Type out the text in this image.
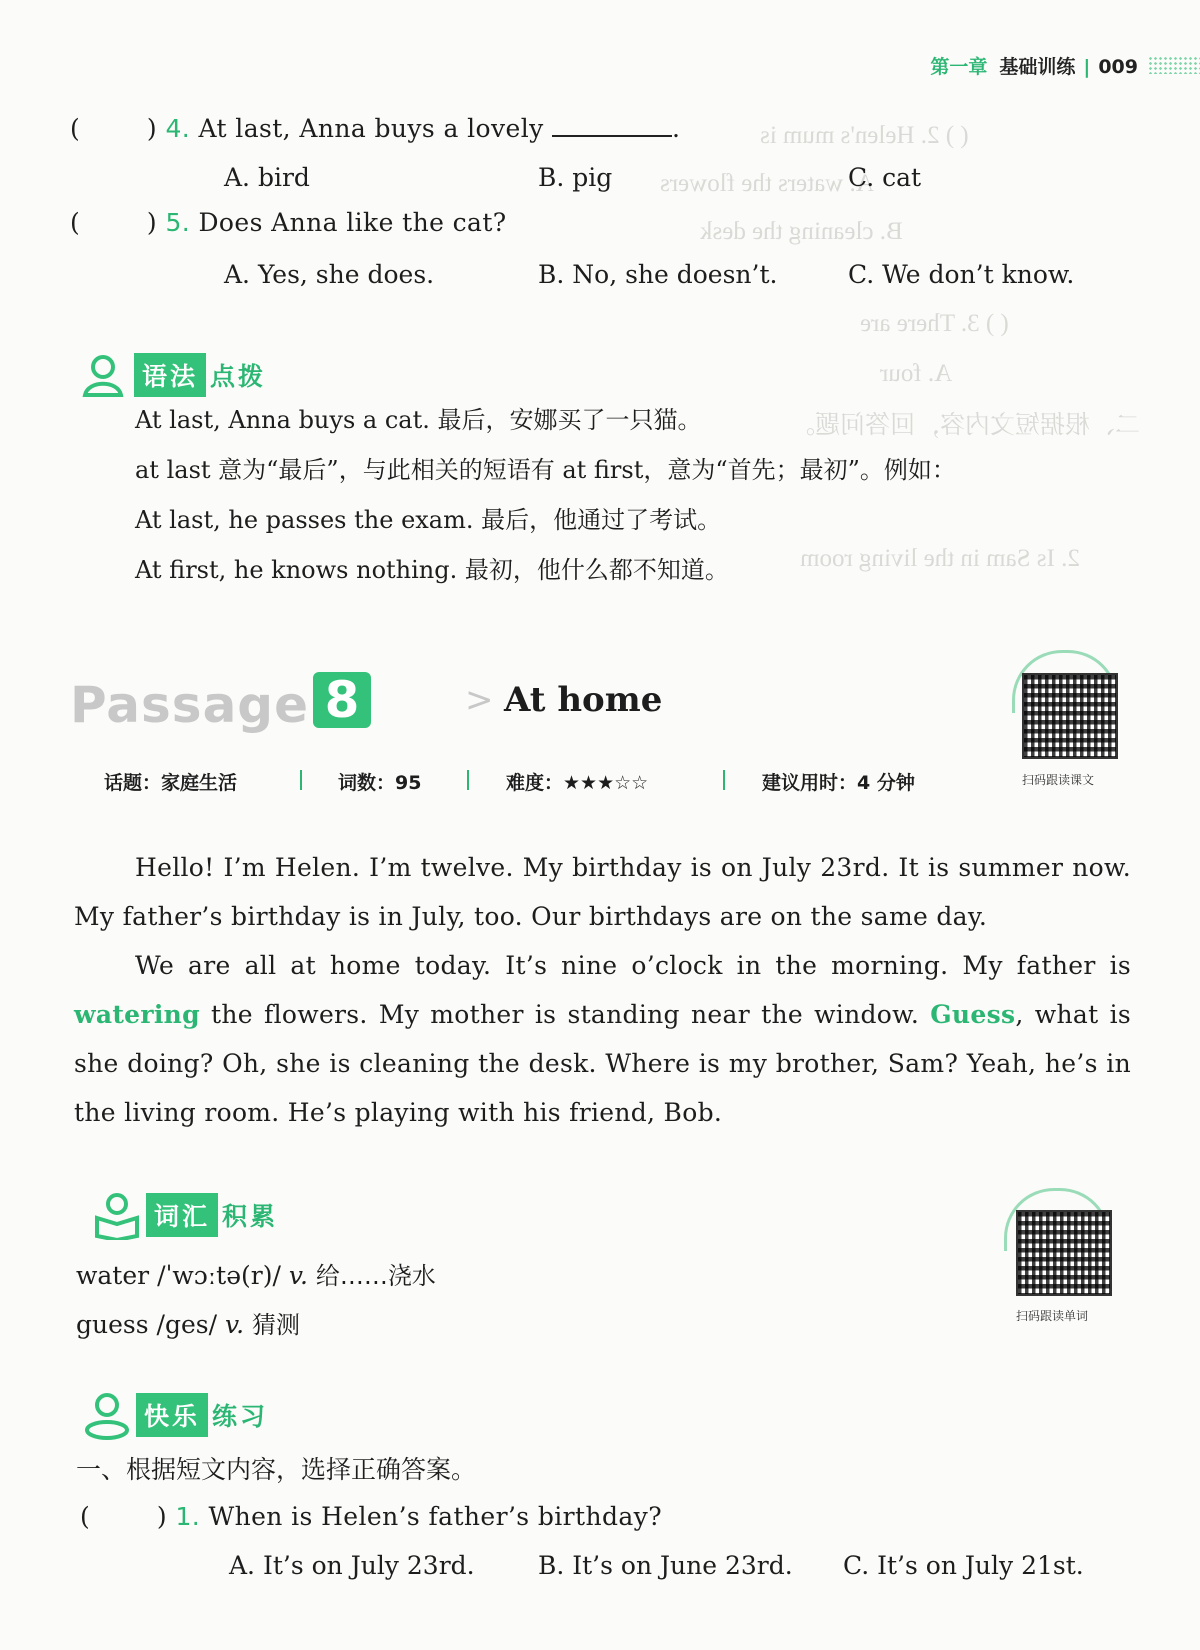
( ) 2. Helen's mum is
A. waters the flowers
B. cleaning the desk
( ) 3. There are
A. four
二、根据短文内容，回答问题。
2. Is Sam in the living room
第一章 基础训练 | 009
(        ) 4. At last, Anna buys a lovely	.
A. bird	B. pig	C. cat
(        ) 5. Does Anna like the cat?
A. Yes, she does.	B. No, she doesn’t.	C. We don’t know.
语法 点拨
At last, Anna buys a cat. 最后，安娜买了一只猫。
at last 意为“最后”，与此相关的短语有 at first，意为“首先；最初”。例如：
At last, he passes the exam. 最后，他通过了考试。
At first, he knows nothing. 最初，他什么都不知道。
Passage 8	> At home
扫码跟读课文
话题：家庭生活	词数：95	难度：★★★☆☆	建议用时：4 分钟
Hello! I’m Helen. I’m twelve. My birthday is on July 23rd. It is summer now. My father’s birthday is in July, too. Our birthdays are on the same day.
We are all at home today. It’s nine o’clock in the morning. My father is watering the flowers. My mother is standing near the window. Guess, what is she doing? Oh, she is cleaning the desk. Where is my brother, Sam? Yeah, he’s in the living room. He’s playing with his friend, Bob.
词汇 积累
water /ˈwɔːtə(r)/ v. 给……浇水
guess /ges/ v. 猜测	扫码跟读单词
快乐 练习
一、根据短文内容，选择正确答案。
(        ) 1. When is Helen’s father’s birthday?
A. It’s on July 23rd.	B. It’s on June 23rd. C. It’s on July 21st.
